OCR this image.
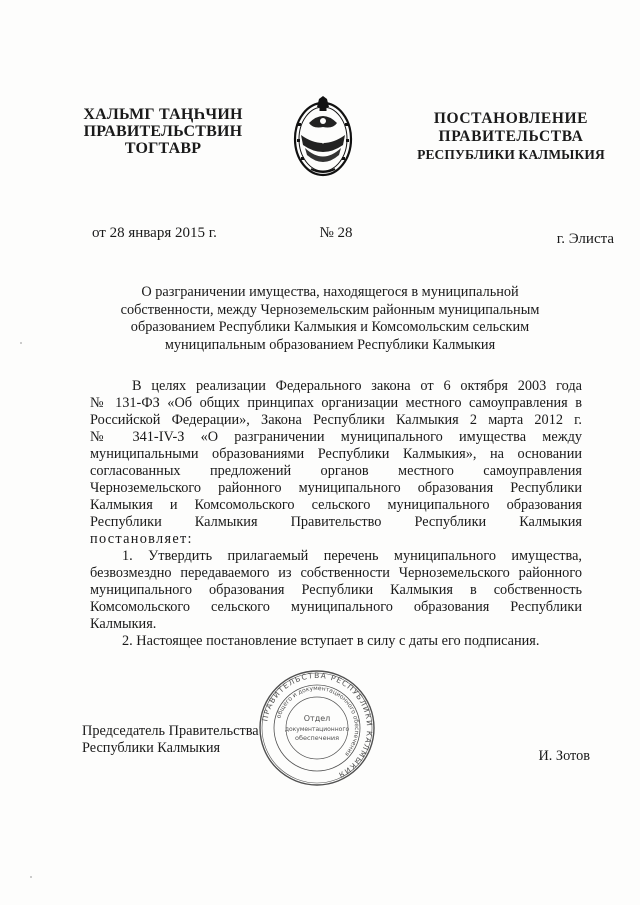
ХАЛЬМГ ТАҢҺЧИН
ПРАВИТЕЛЬСТВИН
ТОГТАВР
ПОСТАНОВЛЕНИЕ
ПРАВИТЕЛЬСТВА
РЕСПУБЛИКИ КАЛМЫКИЯ
от 28 января 2015 г.	№ 28	г. Элиста
О разграничении имущества, находящегося в муниципальной
собственности, между Черноземельским районным муниципальным
образованием Республики Калмыкия и Комсомольским сельским
муниципальным образованием Республики Калмыкия
В целях реализации Федерального закона от 6 октября 2003 года
№ 131-ФЗ «Об общих принципах организации местного самоуправления в
Российской Федерации», Закона Республики Калмыкия 2 марта 2012 г.
№ 341-IV-З «О разграничении муниципального имущества между
муниципальными образованиями Республики Калмыкия», на основании
согласованных предложений органов местного самоуправления
Черноземельского районного муниципального образования Республики
Калмыкия и Комсомольского сельского муниципального образования
Республики Калмыкия Правительство Республики Калмыкия
постановляет:
1. Утвердить прилагаемый перечень муниципального имущества,
безвозмездно передаваемого из собственности Черноземельского районного
муниципального образования Республики Калмыкия в собственность
Комсомольского сельского муниципального образования Республики
Калмыкия.
2. Настоящее постановление вступает в силу с даты его подписания.
Председатель Правительства
Республики Калмыкия	И. Зотов
ПРАВИТЕЛЬСТВА РЕСПУБЛИКИ КАЛМЫКИЯ
общего и документационного обеспечения
Отдел
документационного
обеспечения
